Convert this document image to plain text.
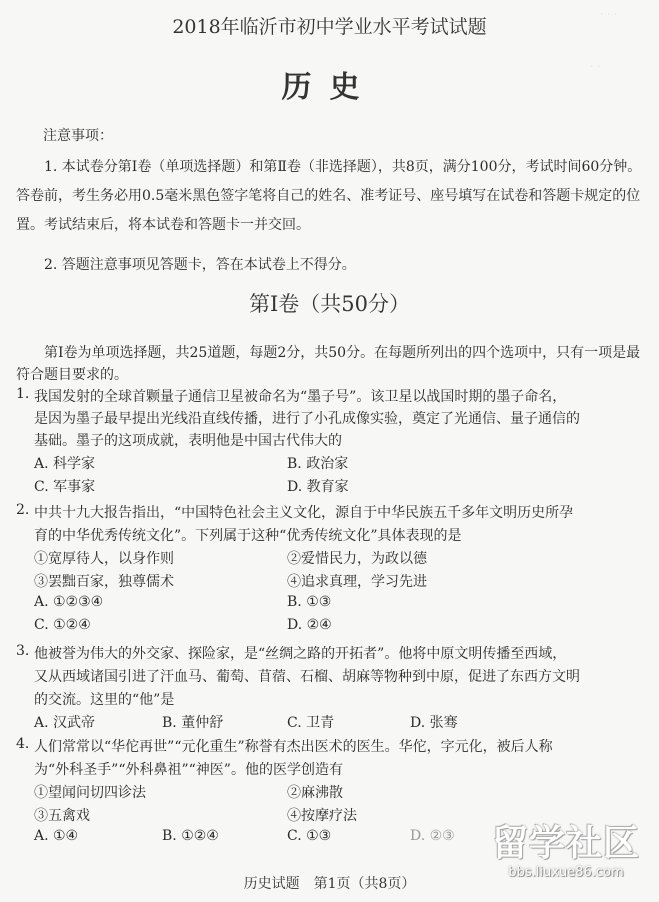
· · ·
· ·
2018年临沂市初中学业水平考试试题
历史
注意事项：
1. 本试卷分第Ⅰ卷（单项选择题）和第Ⅱ卷（非选择题），共8页，满分100分，考试时间60分钟。答卷前，考生务必用0.5毫米黑色签字笔将自己的姓名、准考证号、座号填写在试卷和答题卡规定的位置。考试结束后，将本试卷和答题卡一并交回。
2. 答题注意事项见答题卡，答在本试卷上不得分。
第Ⅰ卷（共50分）
第Ⅰ卷为单项选择题，共25道题，每题2分，共50分。在每题所列出的四个选项中，只有一项是最符合题目要求的。
1. 我国发射的全球首颗量子通信卫星被命名为“墨子号”。该卫星以战国时期的墨子命名，
是因为墨子最早提出光线沿直线传播，进行了小孔成像实验，奠定了光通信、量子通信的
基础。墨子的这项成就，表明他是中国古代伟大的
A. 科学家	B. 政治家
C. 军事家	D. 教育家
2. 中共十九大报告指出，“中国特色社会主义文化，源自于中华民族五千多年文明历史所孕
育的中华优秀传统文化”。下列属于这种“优秀传统文化”具体表现的是
①宽厚待人，以身作则	②爱惜民力，为政以德
③罢黜百家，独尊儒术	④追求真理，学习先进
A. ①②③④	B. ①③
C. ①②④	D. ②④
3. 他被誉为伟大的外交家、探险家，是“丝绸之路的开拓者”。他将中原文明传播至西域，
又从西域诸国引进了汗血马、葡萄、苜蓿、石榴、胡麻等物种到中原，促进了东西方文明
的交流。这里的“他”是
A. 汉武帝	B. 董仲舒	C. 卫青	D. 张骞
4. 人们常常以“华佗再世”“元化重生”称誉有杰出医术的医生。华佗，字元化，被后人称
为“外科圣手”“外科鼻祖”“神医”。他的医学创造有
①望闻问切四诊法	②麻沸散
③五禽戏	④按摩疗法
A. ①④	B. ①②④	C. ①③	D. ②③
历史试题　第1页（共8页）
留学社区
bbs.liuxue86.com
